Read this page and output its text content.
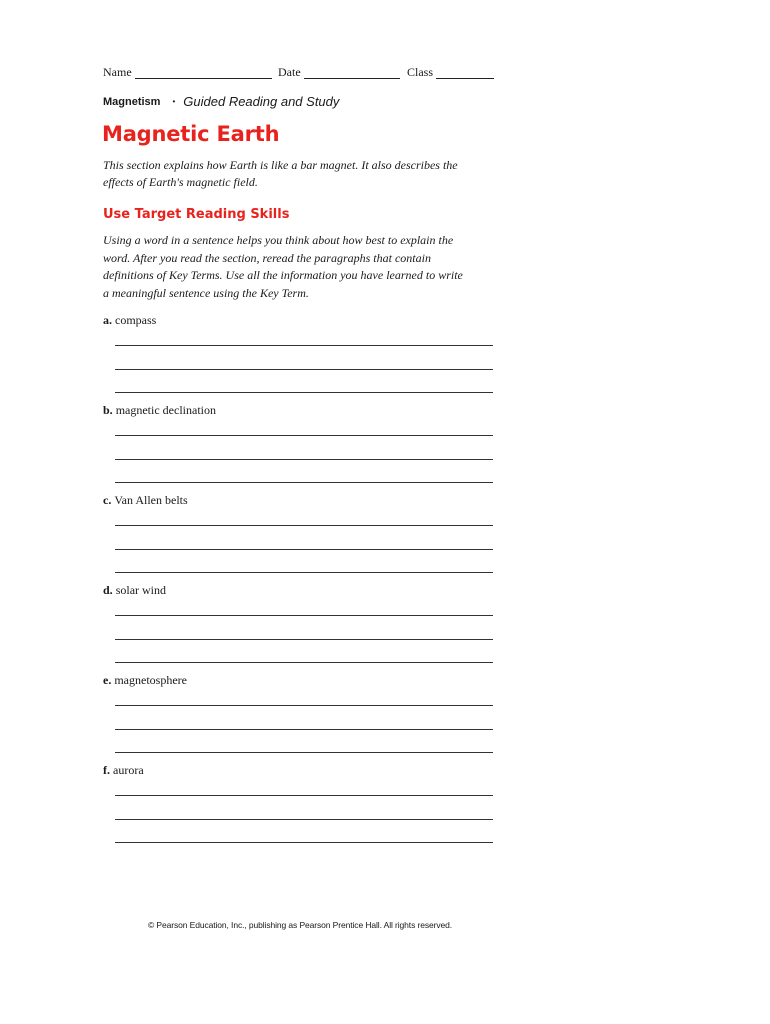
Name	Date	Class
Magnetism • Guided Reading and Study
Magnetic Earth

This section explains how Earth is like a bar magnet. It also describes the effects of Earth's magnetic field.

Use Target Reading Skills

Using a word in a sentence helps you think about how best to explain the word. After you read the section, reread the paragraphs that contain definitions of Key Terms. Use all the information you have learned to write a meaningful sentence using the Key Term.

a. compass
b. magnetic declination
c. Van Allen belts
d. solar wind
e. magnetosphere
f. aurora
© Pearson Education, Inc., publishing as Pearson Prentice Hall. All rights reserved.
